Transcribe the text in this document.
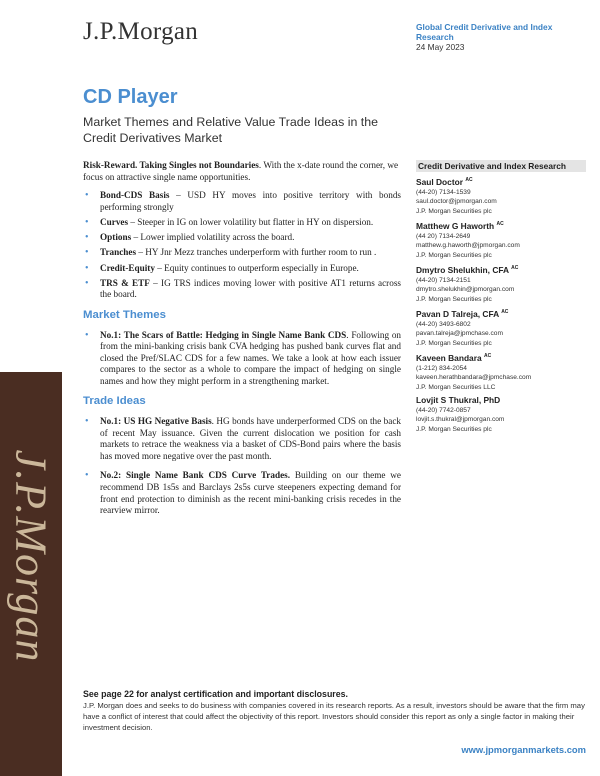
J.P.Morgan
J.P.Morgan	Global Credit Derivative and Index Research
24 May 2023
CD Player
Market Themes and Relative Value Trade Ideas in the Credit Derivatives Market

Risk-Reward. Taking Singles not Boundaries. With the x-date round the corner, we focus on attractive single name opportunities.

• Bond-CDS Basis – USD HY moves into positive territory with bonds performing strongly
• Curves – Steeper in IG on lower volatility but flatter in HY on dispersion.
• Options – Lower implied volatility across the board.
• Tranches – HY Jnr Mezz tranches underperform with further room to run .
• Credit-Equity – Equity continues to outperform especially in Europe.
• TRS & ETF – IG TRS indices moving lower with positive AT1 returns across the board.
Market Themes
• No.1: The Scars of Battle: Hedging in Single Name Bank CDS. Following on from the mini-banking crisis bank CVA hedging has pushed bank curves flat and closed the Pref/SLAC CDS for a few names. We take a look at how each issuer compares to the sector as a whole to compare the impact of hedging on single names and how they might perform in a strengthening market.
Trade Ideas
• No.1: US HG Negative Basis. HG bonds have underperformed CDS on the back of recent May issuance. Given the current dislocation we position for cash markets to retrace the weakness via a basket of CDS-Bond pairs where the basis has moved more negative over the past month.
• No.2: Single Name Bank CDS Curve Trades. Building on our theme we recommend DB 1s5s and Barclays 2s5s curve steepeners expecting demand for front end protection to diminish as the recent mini-banking crisis recedes in the rearview mirror.
Credit Derivative and Index Research
Saul Doctor $^{AC}$
(44-20) 7134-1539
saul.doctor@jpmorgan.com
J.P. Morgan Securities plc
Matthew G Haworth $^{AC}$
(44 20) 7134-2649
matthew.g.haworth@jpmorgan.com
J.P. Morgan Securities plc
Dmytro Shelukhin, CFA $^{AC}$
(44-20) 7134-2151
dmytro.shelukhin@jpmorgan.com
J.P. Morgan Securities plc
Pavan D Talreja, CFA $^{AC}$
(44-20) 3493-6802
pavan.talreja@jpmchase.com
J.P. Morgan Securities plc
Kaveen Bandara $^{AC}$
(1-212) 834-2054
kaveen.herathbandara@jpmchase.com
J.P. Morgan Securities LLC
Lovjit S Thukral, PhD
(44-20) 7742-0857
lovjit.s.thukral@jpmorgan.com
J.P. Morgan Securities plc
See page 22 for analyst certification and important disclosures.
J.P. Morgan does and seeks to do business with companies covered in its research reports. As a result, investors should be aware that the firm may have a conflict of interest that could affect the objectivity of this report. Investors should consider this report as only a single factor in making their investment decision.
www.jpmorganmarkets.com
